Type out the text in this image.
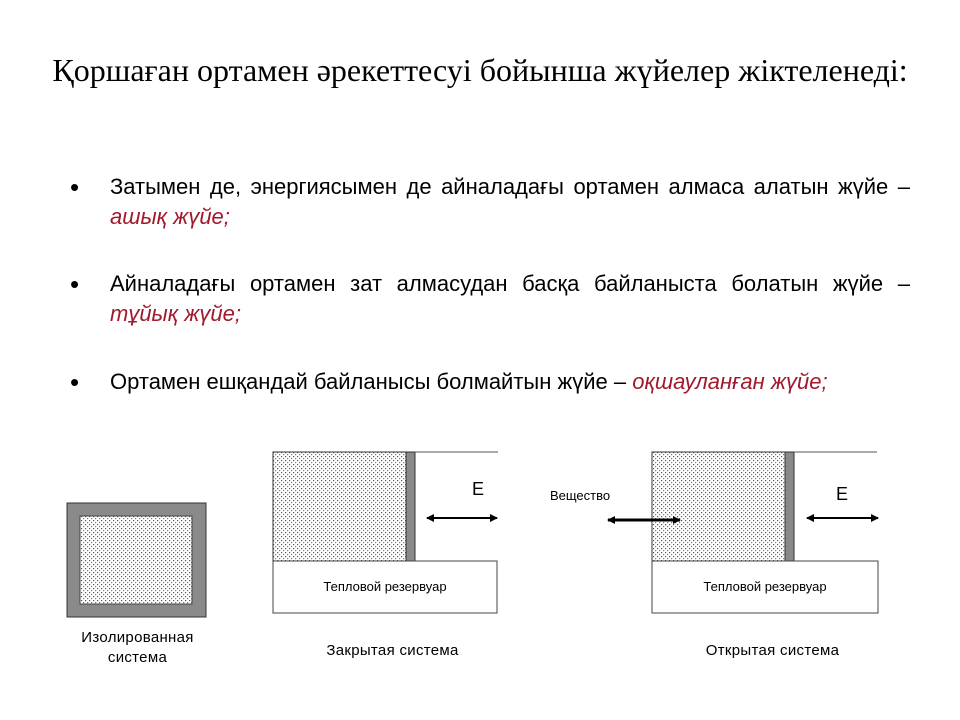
Қоршаған ортамен әрекеттесуі бойынша жүйелер жіктеленеді:

• Затымен де, энергиясымен де айналадағы ортамен алмаса алатын жүйе – ашық жүйе;

• Айналадағы ортамен зат алмасудан басқа байланыста болатын жүйе – тұйық жүйе;

• Ортамен ешқандай байланысы болмайтын жүйе – оқшауланған жүйе;

E
Тепловой резервуар
E
Вещество
Тепловой резервуар
Изолированная
система	Закрытая система	Открытая система
